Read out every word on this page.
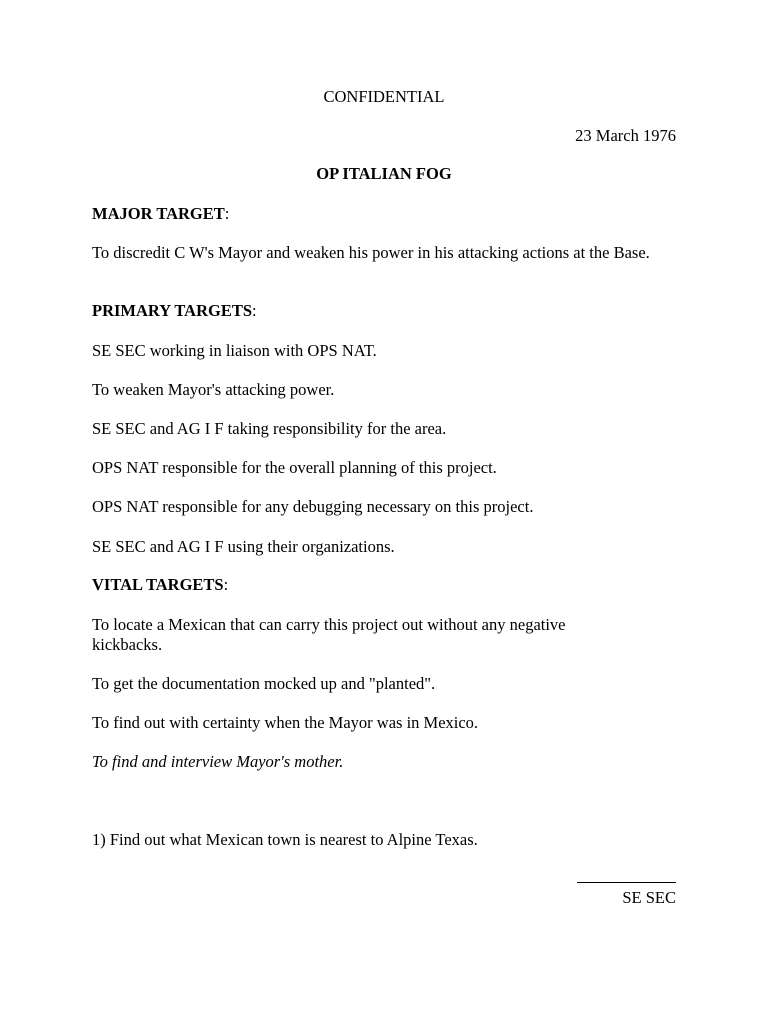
CONFIDENTIAL

23 March 1976

OP ITALIAN FOG

MAJOR TARGET:

To discredit C W's Mayor and weaken his power in his attacking actions at the Base.

PRIMARY TARGETS:

SE SEC working in liaison with OPS NAT.

To weaken Mayor's attacking power.

SE SEC and AG I F taking responsibility for the area.

OPS NAT responsible for the overall planning of this project.

OPS NAT responsible for any debugging necessary on this project.

SE SEC and AG I F using their organizations.

VITAL TARGETS:

To locate a Mexican that can carry this project out without any negative kickbacks.

To get the documentation mocked up and "planted".

To find out with certainty when the Mayor was in Mexico.

To find and interview Mayor's mother.

1) Find out what Mexican town is nearest to Alpine Texas.

SE SEC
